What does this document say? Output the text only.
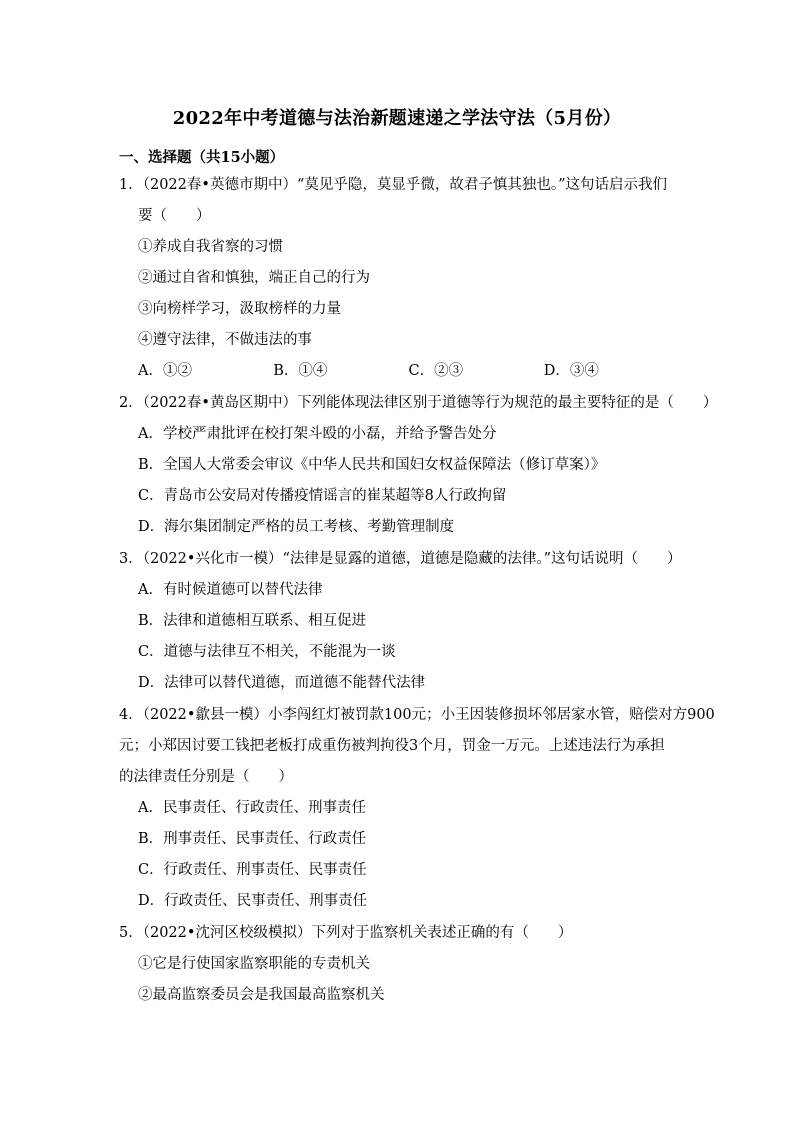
2022年中考道德与法治新题速递之学法守法（5月份）
一、选择题（共15小题）
1．（2022春•英德市期中）“莫见乎隐，莫显乎微，故君子慎其独也。”这句话启示我们
要（　　）
①养成自我省察的习惯
②通过自省和慎独，端正自己的行为
③向榜样学习，汲取榜样的力量
④遵守法律，不做违法的事
A．①②	B．①④	C．②③	D．③④
2．（2022春•黄岛区期中）下列能体现法律区别于道德等行为规范的最主要特征的是（　　）
A．学校严肃批评在校打架斗殴的小磊，并给予警告处分
B．全国人大常委会审议《中华人民共和国妇女权益保障法（修订草案）》
C．青岛市公安局对传播疫情谣言的崔某超等8人行政拘留
D．海尔集团制定严格的员工考核、考勤管理制度
3．（2022•兴化市一模）“法律是显露的道德，道德是隐藏的法律。”这句话说明（　　）
A．有时候道德可以替代法律
B．法律和道德相互联系、相互促进
C．道德与法律互不相关，不能混为一谈
D．法律可以替代道德，而道德不能替代法律
4．（2022•歙县一模）小李闯红灯被罚款100元；小王因装修损坏邻居家水管，赔偿对方900
元；小郑因讨要工钱把老板打成重伤被判拘役3个月，罚金一万元。上述违法行为承担
的法律责任分别是（　　）
A．民事责任、行政责任、刑事责任
B．刑事责任、民事责任、行政责任
C．行政责任、刑事责任、民事责任
D．行政责任、民事责任、刑事责任
5．（2022•沈河区校级模拟）下列对于监察机关表述正确的有（　　）
①它是行使国家监察职能的专责机关
②最高监察委员会是我国最高监察机关
